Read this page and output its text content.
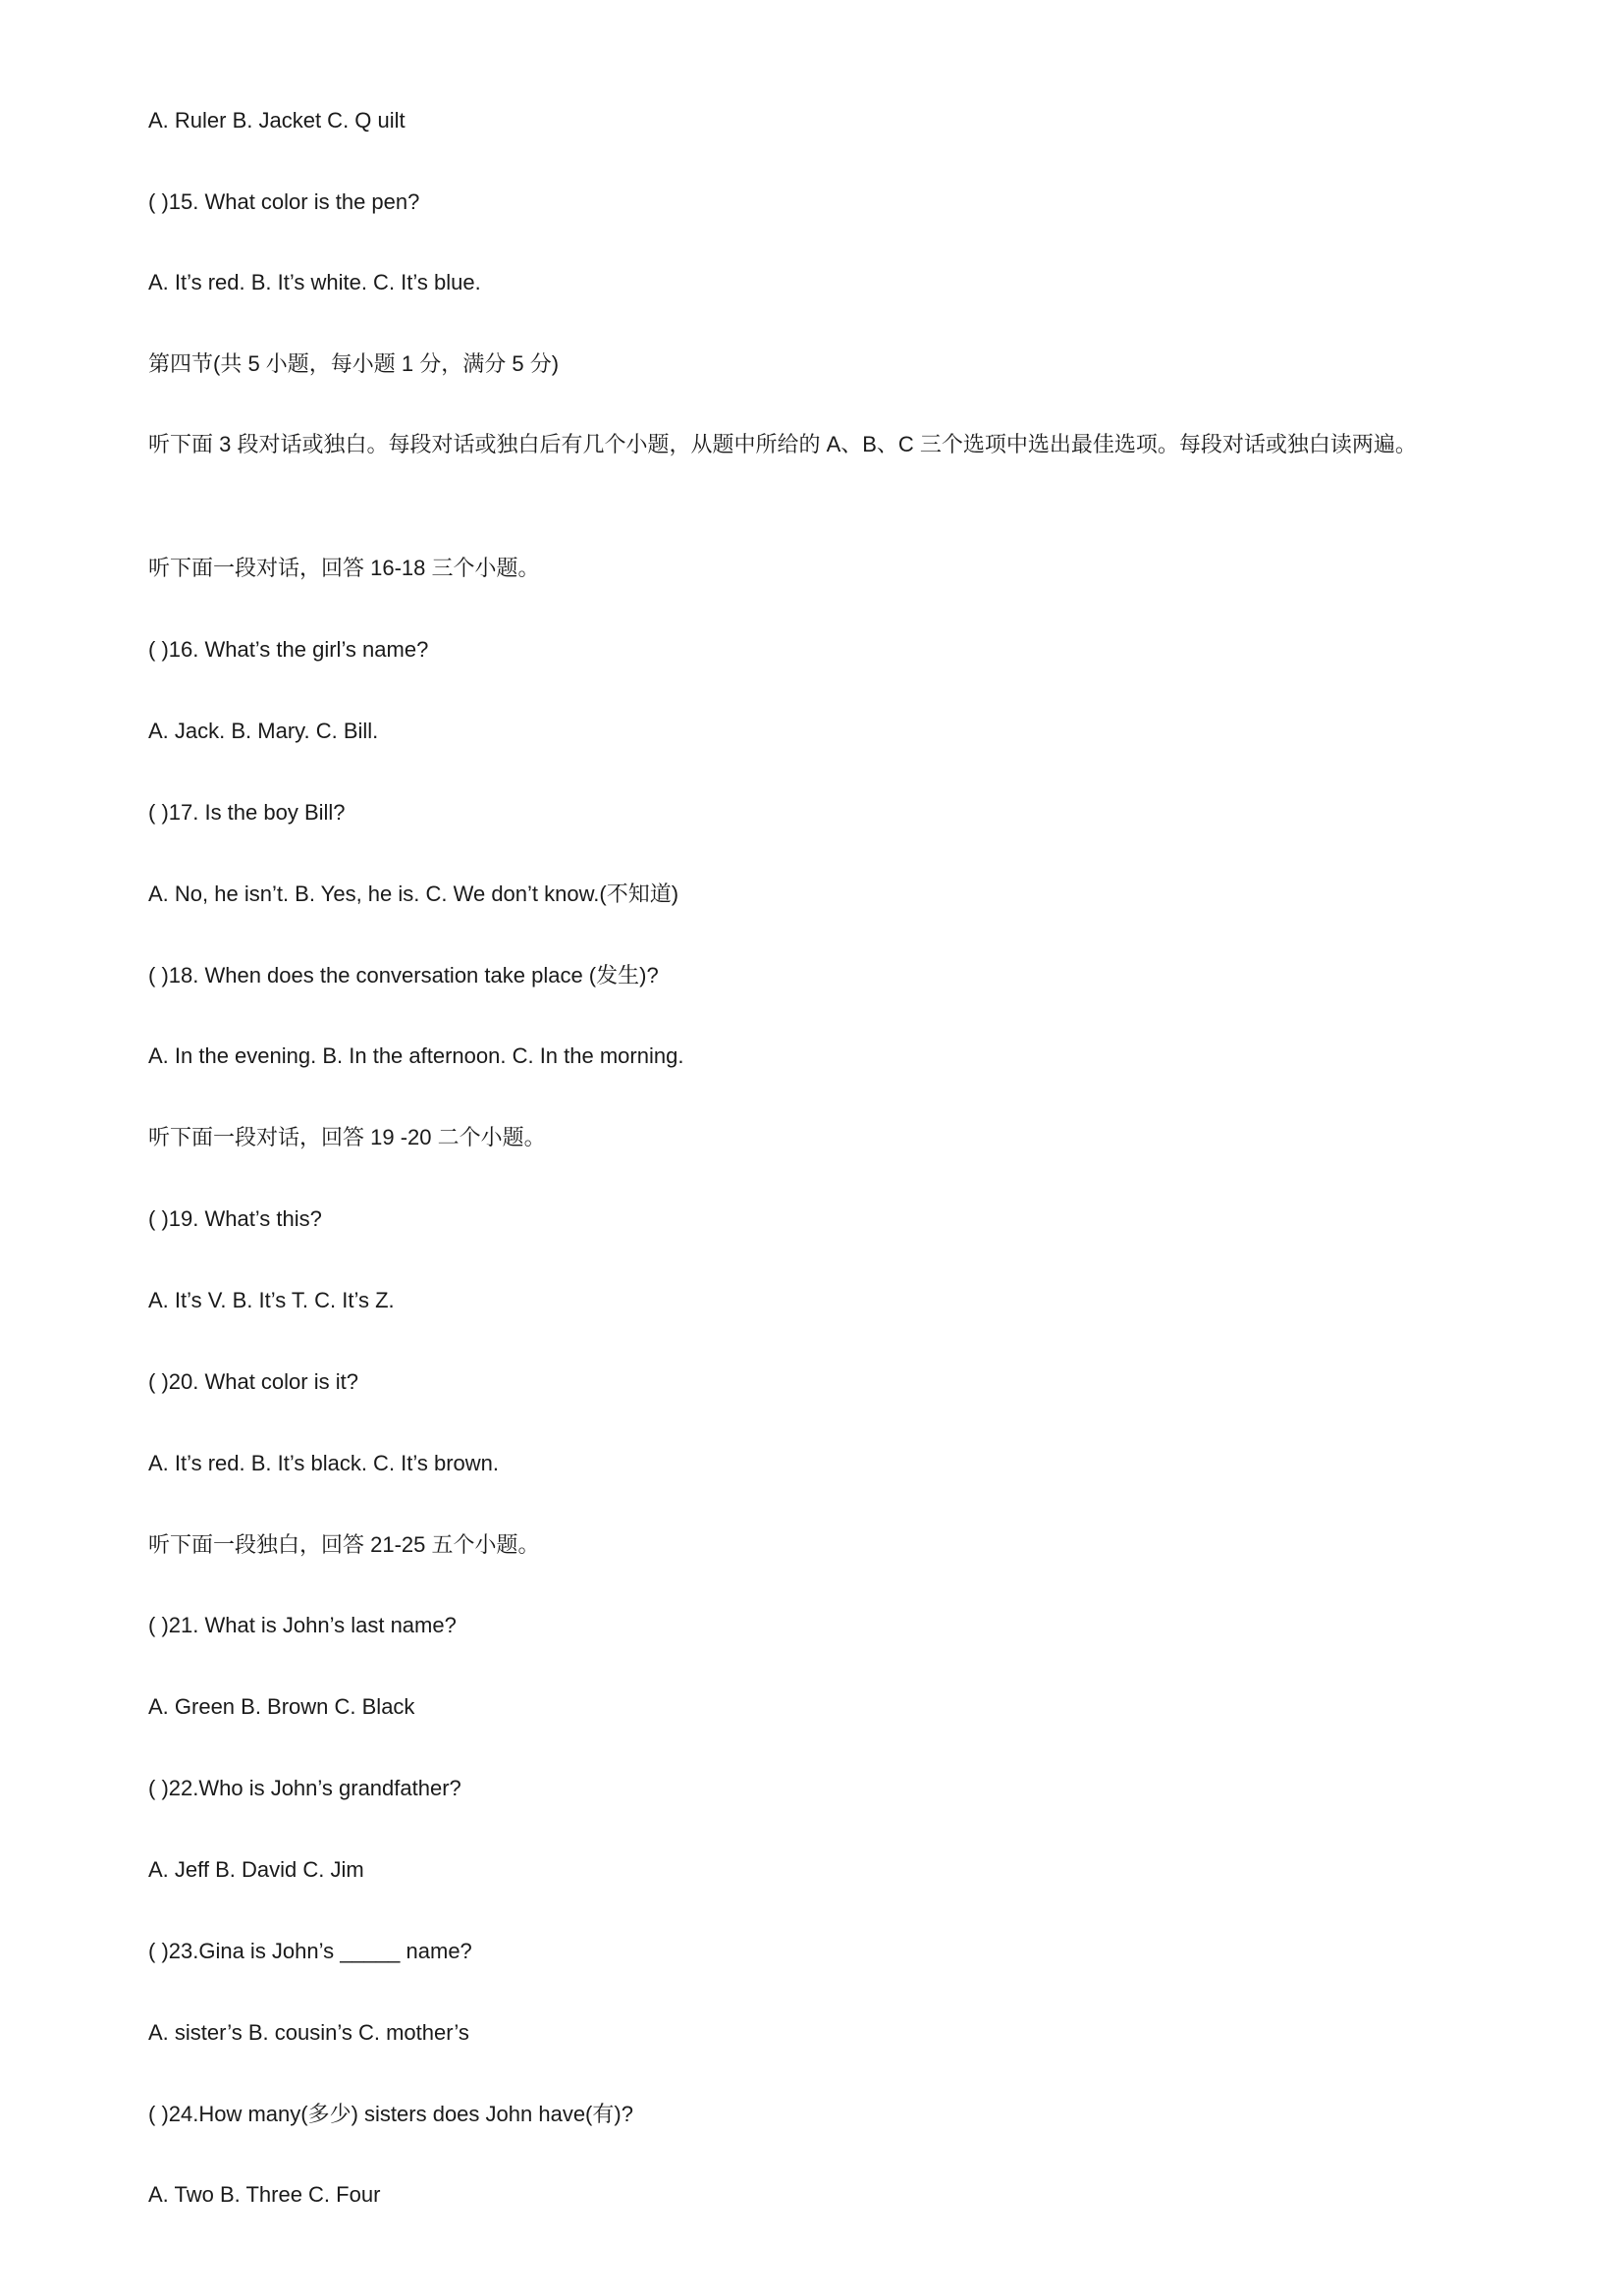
A. Ruler B. Jacket C. Q uilt
( )15. What color is the pen?
A. It’s red. B. It’s white. C. It’s blue.
第四节(共 5 小题，每小题 1 分，满分 5 分)
听下面 3 段对话或独白。每段对话或独白后有几个小题，从题中所给的 A、B、C 三个选项中选出最佳选项。每段对话或独白读两遍。
听下面一段对话，回答 16-18 三个小题。
( )16. What’s the girl’s name?
A. Jack. B. Mary. C. Bill.
( )17. Is the boy Bill?
A. No, he isn’t. B. Yes, he is. C. We don’t know.(不知道)
( )18. When does the conversation take place (发生)?
A. In the evening. B. In the afternoon. C. In the morning.
听下面一段对话，回答 19 -20 二个小题。
( )19. What’s this?
A. It’s V. B. It’s T. C. It’s Z.
( )20. What color is it?
A. It’s red. B. It’s black. C. It’s brown.
听下面一段独白，回答 21-25 五个小题。
( )21. What is John’s last name?
A. Green B. Brown C. Black
( )22.Who is John’s grandfather?
A. Jeff B. David C. Jim
( )23.Gina is John’s _____ name?
A. sister’s B. cousin’s C. mother’s
( )24.How many(多少) sisters does John have(有)?
A. Two B. Three C. Four
